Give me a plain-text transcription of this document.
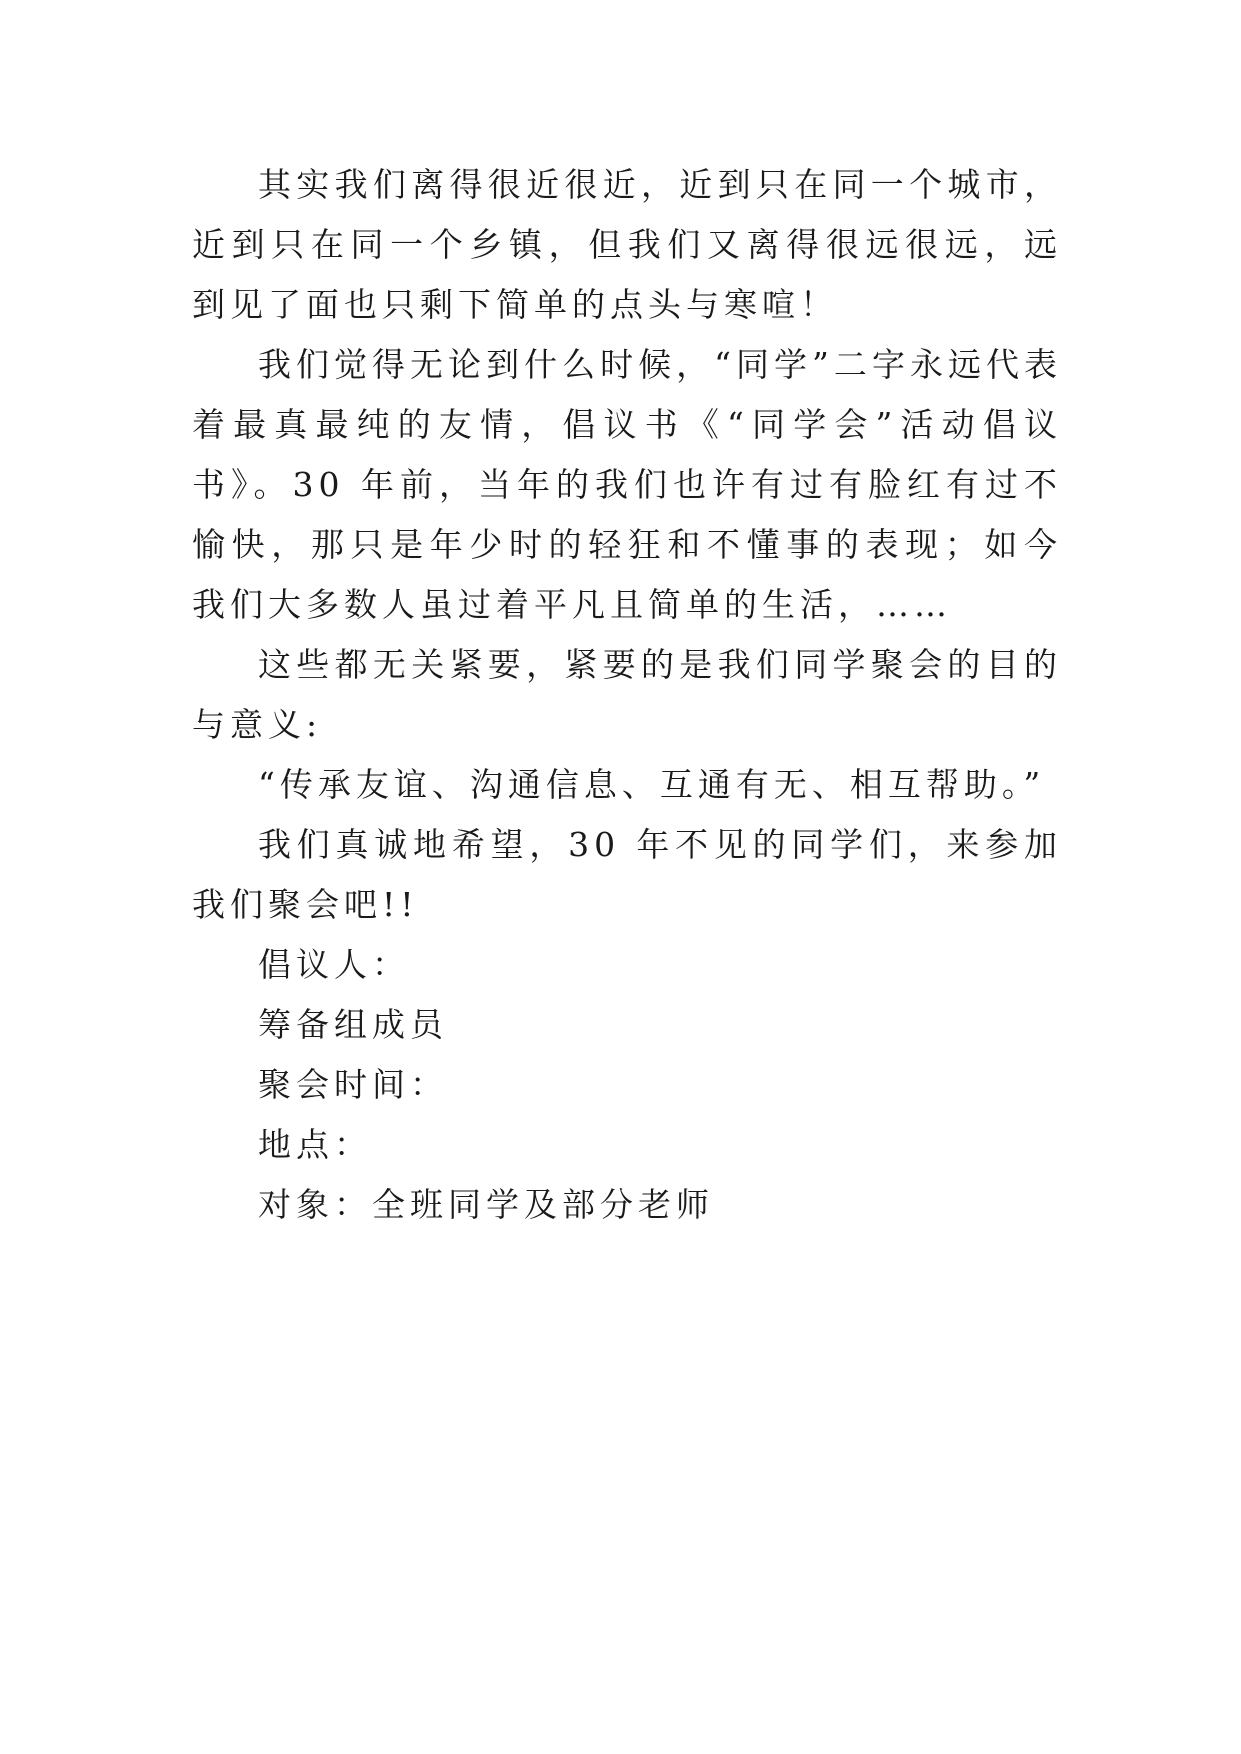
其实我们离得很近很近，近到只在同一个城市，近到只在同一个乡镇，但我们又离得很远很远，远到见了面也只剩下简单的点头与寒喧！

我们觉得无论到什么时候，“同学”二字永远代表着最真最纯的友情，倡议书《“同学会”活动倡议书》。30 年前，当年的我们也许有过有脸红有过不愉快，那只是年少时的轻狂和不懂事的表现；如今我们大多数人虽过着平凡且简单的生活，……

这些都无关紧要，紧要的是我们同学聚会的目的与意义:

“传承友谊、沟通信息、互通有无、相互帮助。”

我们真诚地希望，30 年不见的同学们，来参加我们聚会吧!!

倡议人：

筹备组成员

聚会时间：

地点：

对象：全班同学及部分老师
